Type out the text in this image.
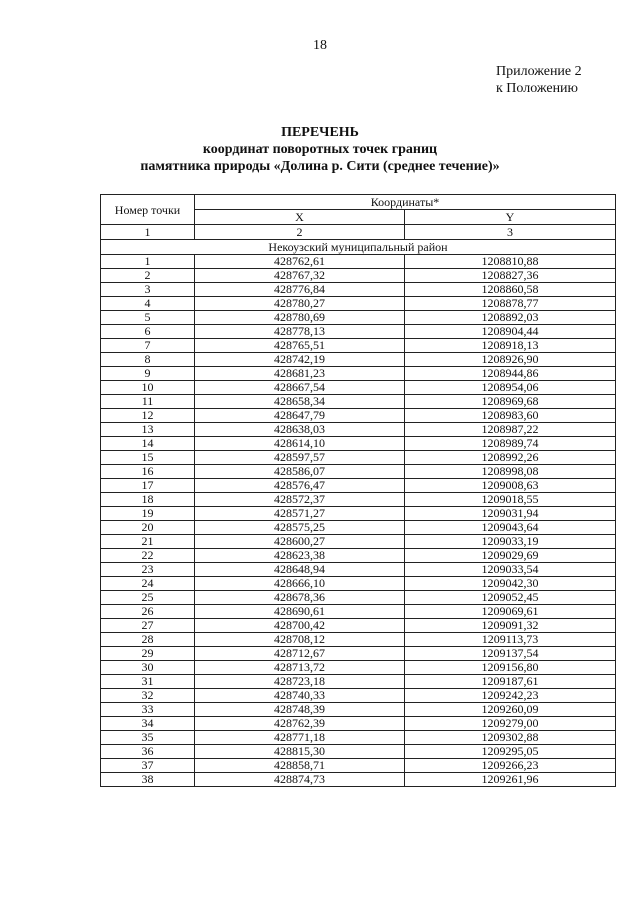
18
Приложение 2
к Положению
ПЕРЕЧЕНЬ
координат поворотных точек границ
памятника природы «Долина р. Сити (среднее течение)»
Номер точки	Координаты*	
	X	Y
1	2	3
Некоузский муниципальный район		
1	428762,61	1208810,88
2	428767,32	1208827,36
3	428776,84	1208860,58
4	428780,27	1208878,77
5	428780,69	1208892,03
6	428778,13	1208904,44
7	428765,51	1208918,13
8	428742,19	1208926,90
9	428681,23	1208944,86
10	428667,54	1208954,06
11	428658,34	1208969,68
12	428647,79	1208983,60
13	428638,03	1208987,22
14	428614,10	1208989,74
15	428597,57	1208992,26
16	428586,07	1208998,08
17	428576,47	1209008,63
18	428572,37	1209018,55
19	428571,27	1209031,94
20	428575,25	1209043,64
21	428600,27	1209033,19
22	428623,38	1209029,69
23	428648,94	1209033,54
24	428666,10	1209042,30
25	428678,36	1209052,45
26	428690,61	1209069,61
27	428700,42	1209091,32
28	428708,12	1209113,73
29	428712,67	1209137,54
30	428713,72	1209156,80
31	428723,18	1209187,61
32	428740,33	1209242,23
33	428748,39	1209260,09
34	428762,39	1209279,00
35	428771,18	1209302,88
36	428815,30	1209295,05
37	428858,71	1209266,23
38	428874,73	1209261,96
